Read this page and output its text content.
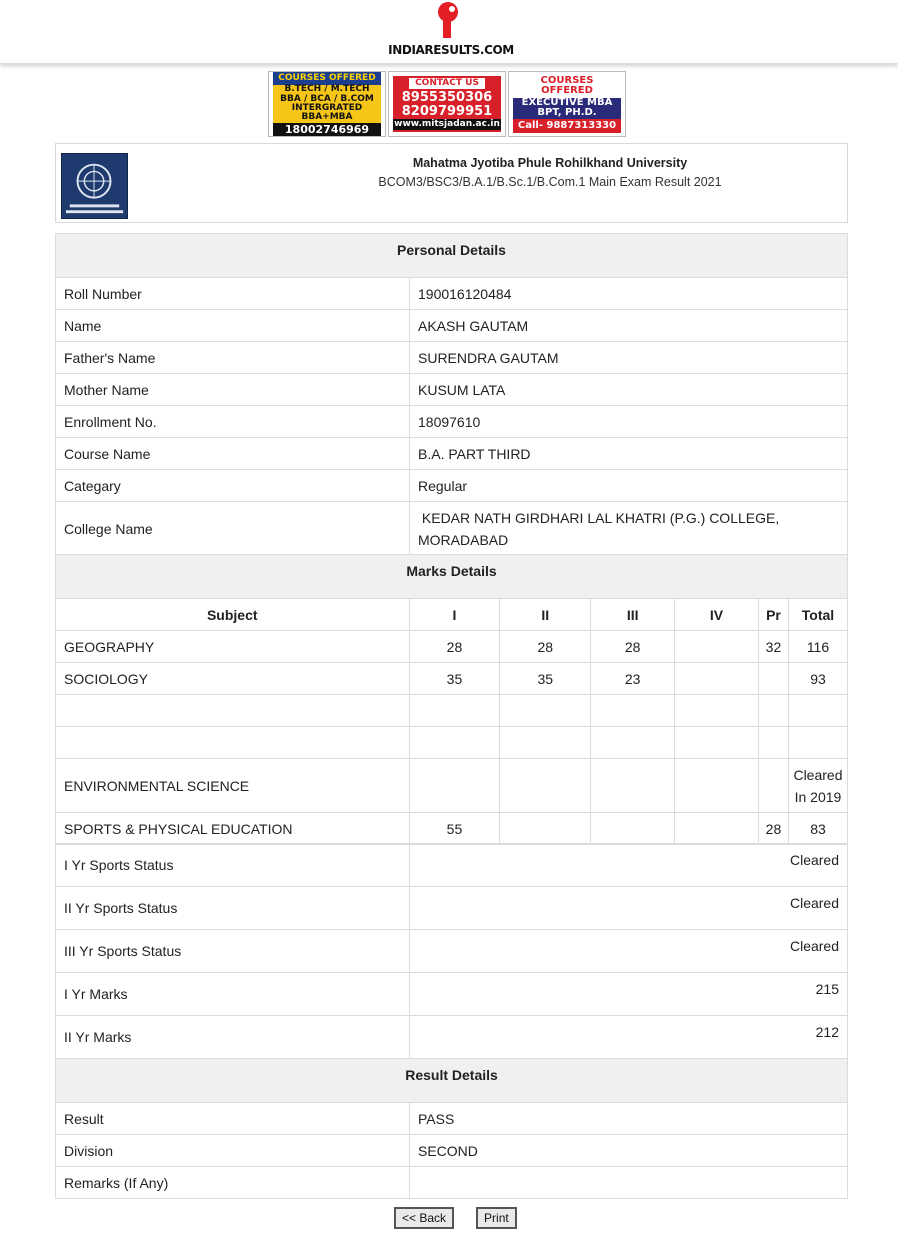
INDIARESULTS.COM
COURSES OFFERED
B.TECH / M.TECH
BBA / BCA / B.COM
INTERGRATED BBA+MBA
18002746969
CONTACT US
8955350306
8209799951
www.mitsjadan.ac.in
COURSES OFFERED
EXECUTIVE MBA
BPT, PH.D.
Call- 9887313330
Mahatma Jyotiba Phule Rohilkhand University
BCOM3/BSC3/B.A.1/B.Sc.1/B.Com.1 Main Exam Result 2021
Personal Details	
Roll Number	190016120484
Name	AKASH GAUTAM
Father's Name	SURENDRA GAUTAM
Mother Name	KUSUM LATA
Enrollment No.	18097610
Course Name	B.A. PART THIRD
Categary	Regular
College Name	KEDAR NATH GIRDHARI LAL KHATRI (P.G.) COLLEGE, MORADABAD
Marks Details						
Subject	I	II	III	IV	Pr	Total
GEOGRAPHY	28	28	28		32	116
SOCIOLOGY	35	35	23			93

ENVIRONMENTAL SCIENCE						Cleared In 2019
SPORTS & PHYSICAL EDUCATION	55				28	83
I Yr Sports Status	Cleared
II Yr Sports Status	Cleared
III Yr Sports Status	Cleared
I Yr Marks	215
II Yr Marks	212
Result Details	
Result	PASS
Division	SECOND
Remarks (If Any)	
<< Back	Print
